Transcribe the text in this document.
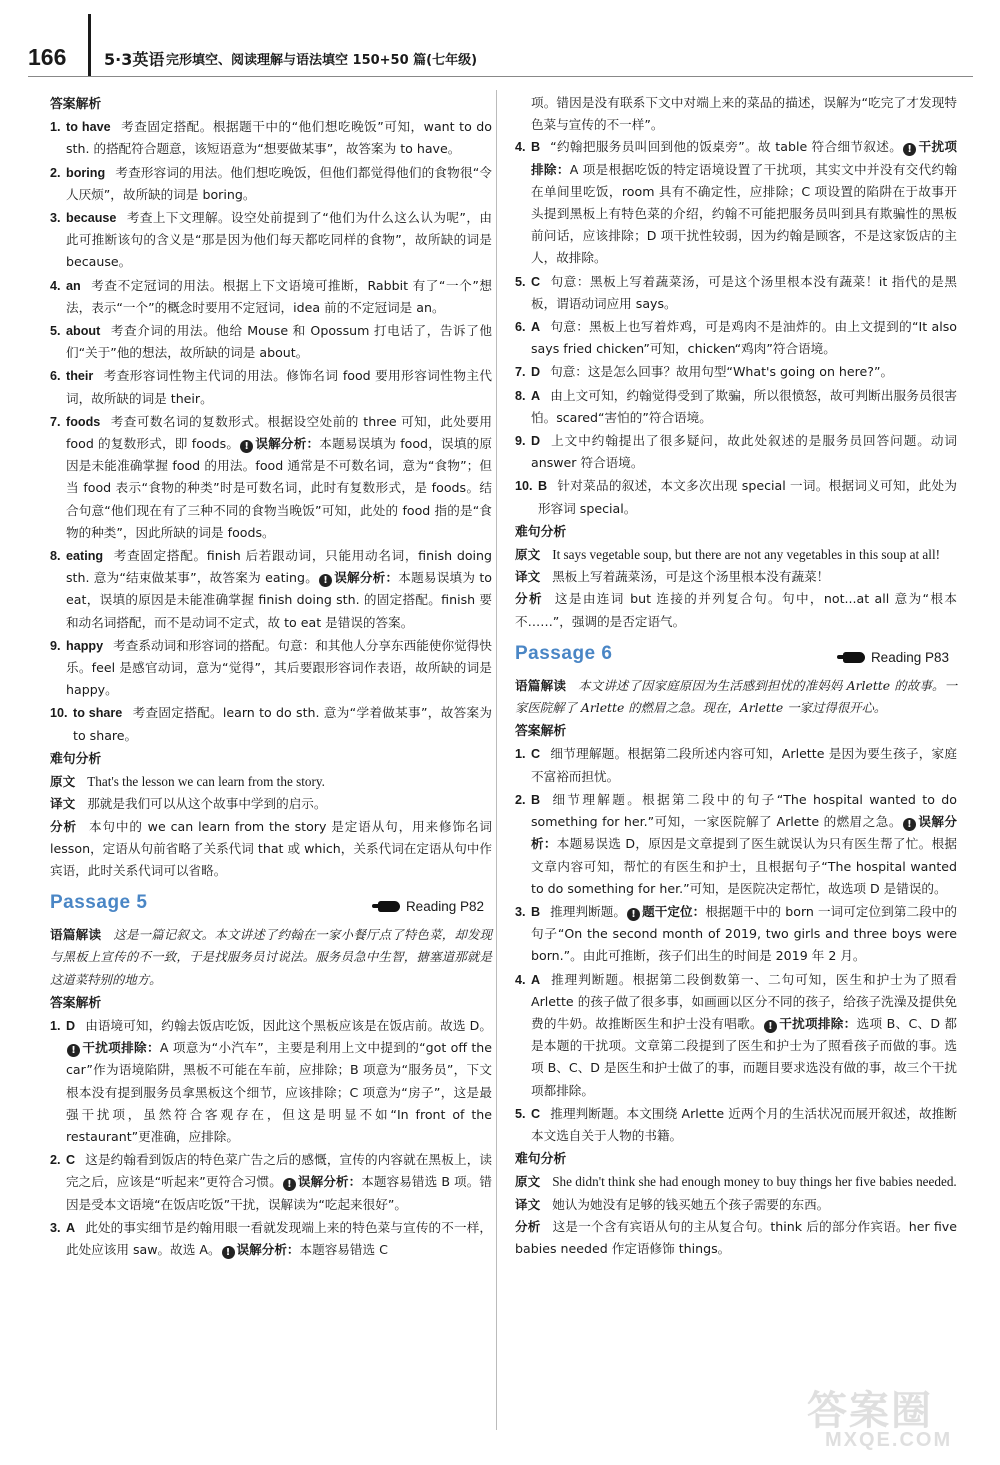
166 5·3英语 完形填空、阅读理解与语法填空 150+50 篇(七年级)
答案解析
1. to have 考查固定搭配。根据题干中的“他们想吃晚饭”可知，want to do sth. 的搭配符合题意，该短语意为“想要做某事”，故答案为 to have。
2. boring 考查形容词的用法。他们想吃晚饭，但他们都觉得他们的食物很“令人厌烦”，故所缺的词是 boring。
3. because 考查上下文理解。设空处前提到了“他们为什么这么认为呢”，由此可推断该句的含义是“那是因为他们每天都吃同样的食物”，故所缺的词是 because。
4. an 考查不定冠词的用法。根据上下文语境可推断，Rabbit 有了“一个”想法，表示“一个”的概念时要用不定冠词，idea 前的不定冠词是 an。
5. about 考查介词的用法。他给 Mouse 和 Opossum 打电话了，告诉了他们“关于”他的想法，故所缺的词是 about。
6. their 考查形容词性物主代词的用法。修饰名词 food 要用形容词性物主代词，故所缺的词是 their。
7. foods 考查可数名词的复数形式。根据设空处前的 three 可知，此处要用 food 的复数形式，即 foods。 ! 误解分析：本题易误填为 food，误填的原因是未能准确掌握 food 的用法。food 通常是不可数名词，意为“食物”；但当 food 表示“食物的种类”时是可数名词，此时有复数形式，是 foods。结合句意“他们现在有了三种不同的食物当晚饭”可知，此处的 food 指的是“食物的种类”，因此所缺的词是 foods。
8. eating 考查固定搭配。finish 后若跟动词，只能用动名词，finish doing sth. 意为“结束做某事”，故答案为 eating。 ! 误解分析：本题易误填为 to eat，误填的原因是未能准确掌握 finish doing sth. 的固定搭配。finish 要和动名词搭配，而不是动词不定式，故 to eat 是错误的答案。
9. happy 考查系动词和形容词的搭配。句意：和其他人分享东西能使你觉得快乐。feel 是感官动词，意为“觉得”，其后要跟形容词作表语，故所缺的词是 happy。
10. to share 考查固定搭配。learn to do sth. 意为“学着做某事”，故答案为 to share。
难句分析

原文 That's the lesson we can learn from the story.

译文 那就是我们可以从这个故事中学到的启示。

分析 本句中的 we can learn from the story 是定语从句，用来修饰名词 lesson，定语从句前省略了关系代词 that 或 which，关系代词在定语从句中作宾语，此时关系代词可以省略。

Passage 5	Reading P82

语篇解读 这是一篇记叙文。本文讲述了约翰在一家小餐厅点了特色菜，却发现与黑板上宣传的不一致，于是找服务员讨说法。服务员急中生智，搪塞道那就是这道菜特别的地方。

答案解析
1. D 由语境可知，约翰去饭店吃饭，因此这个黑板应该是在饭店前。故选 D。! 干扰项排除：A 项意为“小汽车”，主要是利用上文中提到的“got off the car”作为语境陷阱，黑板不可能在车前，应排除；B 项意为“服务员”，下文根本没有提到服务员拿黑板这个细节，应该排除；C 项意为“房子”，这是最强干扰项，虽然符合客观存在，但这是明显不如“In front of the restaurant”更准确，应排除。
2. C 这是约翰看到饭店的特色菜广告之后的感慨，宣传的内容就在黑板上，读完之后，应该是“听起来”更符合习惯。 ! 误解分析：本题容易错选 B 项。错因是受本文语境“在饭店吃饭”干扰，误解读为“吃起来很好”。
3. A 此处的事实细节是约翰用眼一看就发现端上来的特色菜与宣传的不一样，此处应该用 saw。故选 A。 ! 误解分析：本题容易错选 C

项。错因是没有联系下文中对端上来的菜品的描述，误解为“吃完了才发现特色菜与宣传的不一样”。

4. B “约翰把服务员叫回到他的饭桌旁”。故 table 符合细节叙述。 ! 干扰项排除：A 项是根据吃饭的特定语境设置了干扰项，其实文中并没有交代约翰在单间里吃饭，room 具有不确定性，应排除；C 项设置的陷阱在于故事开头提到黑板上有特色菜的介绍，约翰不可能把服务员叫到具有欺骗性的黑板前问话，应该排除；D 项干扰性较弱，因为约翰是顾客，不是这家饭店的主人，故排除。
5. C 句意：黑板上写着蔬菜汤，可是这个汤里根本没有蔬菜！it 指代的是黑板，谓语动词应用 says。
6. A 句意：黑板上也写着炸鸡，可是鸡肉不是油炸的。由上文提到的“It also says fried chicken”可知，chicken“鸡肉”符合语境。
7. D 句意：这是怎么回事？故用句型“What's going on here?”。
8. A 由上文可知，约翰觉得受到了欺骗，所以很愤怒，故可判断出服务员很害怕。scared“害怕的”符合语境。
9. D 上文中约翰提出了很多疑问，故此处叙述的是服务员回答问题。动词 answer 符合语境。
10. B 针对菜品的叙述，本文多次出现 special 一词。根据词义可知，此处为形容词 special。
难句分析

原文 It says vegetable soup, but there are not any vegetables in this soup at all!

译文 黑板上写着蔬菜汤，可是这个汤里根本没有蔬菜！

分析 这是由连词 but 连接的并列复合句。句中，not...at all 意为“根本不……”，强调的是否定语气。

Passage 6	Reading P83

语篇解读 本文讲述了因家庭原因为生活感到担忧的准妈妈 Arlette 的故事。一家医院解了 Arlette 的燃眉之急。现在，Arlette 一家过得很开心。

答案解析
1. C 细节理解题。根据第二段所述内容可知，Arlette 是因为要生孩子，家庭不富裕而担忧。
2. B 细节理解题。根据第二段中的句子“The hospital wanted to do something for her.”可知，一家医院解了 Arlette 的燃眉之急。 ! 误解分析：本题易误选 D，原因是文章提到了医生就误认为只有医生帮了忙。根据文章内容可知，帮忙的有医生和护士，且根据句子“The hospital wanted to do something for her.”可知，是医院决定帮忙，故选项 D 是错误的。
3. B 推理判断题。 ! 题干定位：根据题干中的 born 一词可定位到第二段中的句子“On the second month of 2019, two girls and three boys were born.”。由此可推断，孩子们出生的时间是 2019 年 2 月。
4. A 推理判断题。根据第二段倒数第一、二句可知，医生和护士为了照看 Arlette 的孩子做了很多事，如画画以区分不同的孩子，给孩子洗澡及提供免费的牛奶。故推断医生和护士没有唱歌。 ! 干扰项排除：选项 B、C、D 都是本题的干扰项。文章第二段提到了医生和护士为了照看孩子而做的事。选项 B、C、D 是医生和护士做了的事，而题目要求选没有做的事，故三个干扰项都排除。
5. C 推理判断题。本文围绕 Arlette 近两个月的生活状况而展开叙述，故推断本文选自关于人物的书籍。
难句分析

原文 She didn't think she had enough money to buy things her five babies needed.

译文 她认为她没有足够的钱买她五个孩子需要的东西。

分析 这是一个含有宾语从句的主从复合句。think 后的部分作宾语。her five babies needed 作定语修饰 things。

答案圈
MXQE.COM
